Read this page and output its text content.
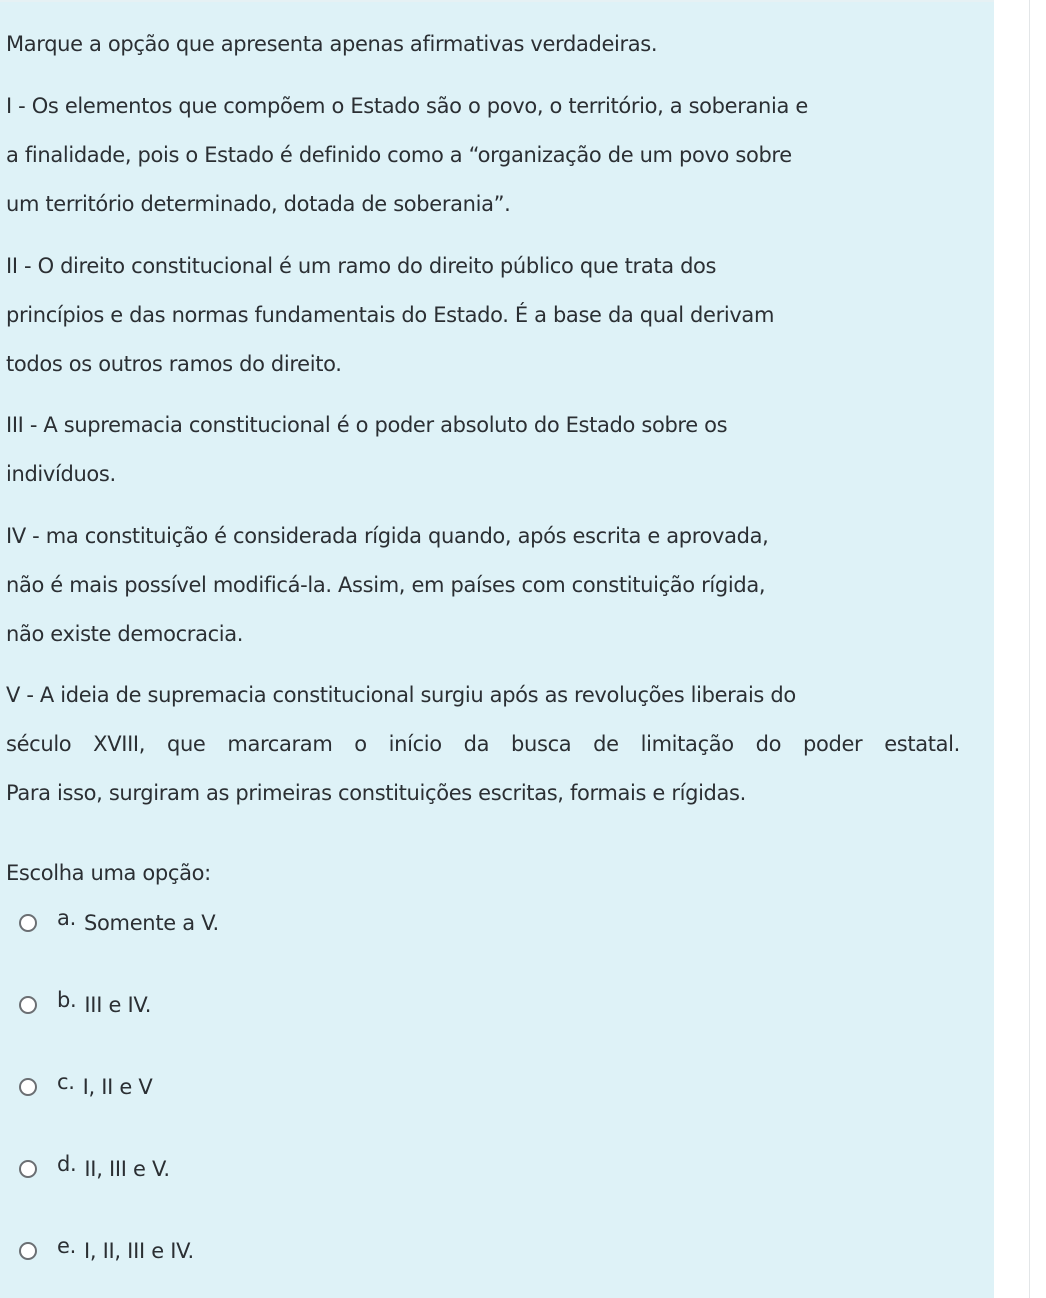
Marque a opção que apresenta apenas afirmativas verdadeiras.

I - Os elementos que compõem o Estado são o povo, o território, a soberania e

a finalidade, pois o Estado é definido como a “organização de um povo sobre

um território determinado, dotada de soberania”.

II - O direito constitucional é um ramo do direito público que trata dos

princípios e das normas fundamentais do Estado. É a base da qual derivam

todos os outros ramos do direito.

III - A supremacia constitucional é o poder absoluto do Estado sobre os

indivíduos.

IV - ma constituição é considerada rígida quando, após escrita e aprovada,

não é mais possível modificá-la. Assim, em países com constituição rígida,

não existe democracia.

V - A ideia de supremacia constitucional surgiu após as revoluções liberais do

século XVIII, que marcaram o início da busca de limitação do poder estatal.

Para isso, surgiram as primeiras constituições escritas, formais e rígidas.

Escolha uma opção:

a. Somente a V.
b. III e IV.
c. I, II e V
d. II, III e V.
e. I, II, III e IV.
